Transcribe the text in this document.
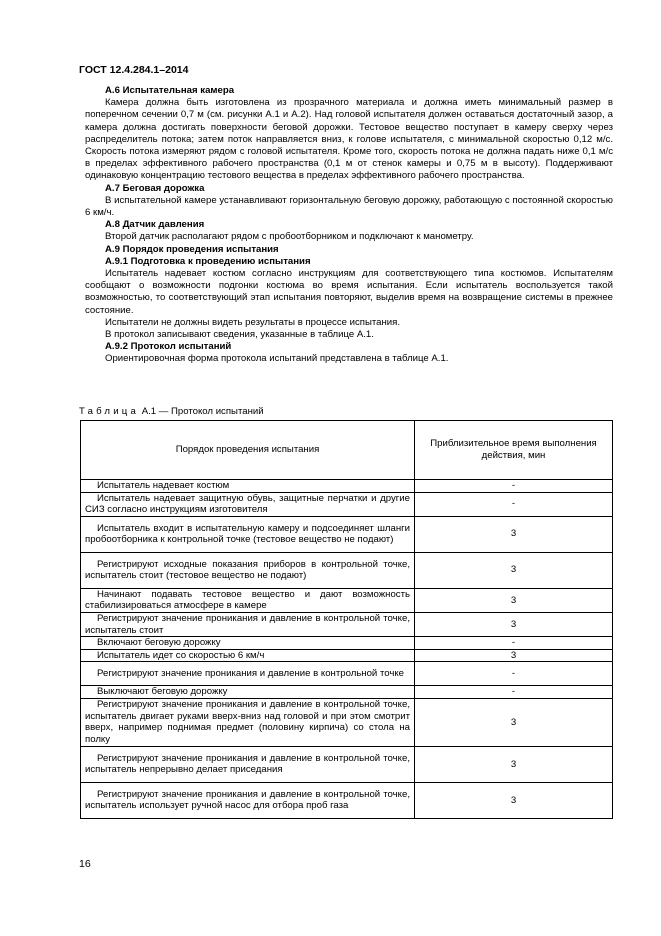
ГОСТ 12.4.284.1–2014

А.6 Испытательная камера

Камера должна быть изготовлена из прозрачного материала и должна иметь минимальный размер в поперечном сечении 0,7 м (см. рисунки А.1 и А.2). Над головой испытателя должен оставаться достаточный зазор, а камера должна достигать поверхности беговой дорожки. Тестовое вещество поступает в камеру сверху через распределитель потока; затем поток направляется вниз, к голове испытателя, с минимальной скоростью 0,12 м/с. Скорость потока измеряют рядом с головой испытателя. Кроме того, скорость потока не должна падать ниже 0,1 м/с в пределах эффективного рабочего пространства (0,1 м от стенок камеры и 0,75 м в высоту). Поддерживают одинаковую концентрацию тестового вещества в пределах эффективного рабочего пространства.

А.7 Беговая дорожка

В испытательной камере устанавливают горизонтальную беговую дорожку, работающую с постоянной скоростью 6 км/ч.

А.8 Датчик давления

Второй датчик располагают рядом с пробоотборником и подключают к манометру.

А.9 Порядок проведения испытания

А.9.1 Подготовка к проведению испытания

Испытатель надевает костюм согласно инструкциям для соответствующего типа костюмов. Испытателям сообщают о возможности подгонки костюма во время испытания. Если испытатель воспользуется такой возможностью, то соответствующий этап испытания повторяют, выделив время на возвращение системы в прежнее состояние.

Испытатели не должны видеть результаты в процессе испытания.

В протокол записывают сведения, указанные в таблице А.1.

А.9.2 Протокол испытаний

Ориентировочная форма протокола испытаний представлена в таблице А.1.

Таблица А.1 — Протокол испытаний
Порядок проведения испытания	Приблизительное время выполнения действия, мин
Испытатель надевает костюм	-
Испытатель надевает защитную обувь, защитные перчатки и другие СИЗ согласно инструкциям изготовителя	-
Испытатель входит в испытательную камеру и подсоединяет шланги пробоотборника к контрольной точке (тестовое вещество не подают)	3
Регистрируют исходные показания приборов в контрольной точке, испытатель стоит (тестовое вещество не подают)	3
Начинают подавать тестовое вещество и дают возможность стабилизироваться атмосфере в камере	3
Регистрируют значение проникания и давление в контрольной точке, испытатель стоит	3
Включают беговую дорожку	-
Испытатель идет со скоростью 6 км/ч	3
Регистрируют значение проникания и давление в контрольной точке	-
Выключают беговую дорожку	-
Регистрируют значение проникания и давление в контрольной точке, испытатель двигает руками вверх-вниз над головой и при этом смотрит вверх, например поднимая предмет (половину кирпича) со стола на полку	3
Регистрируют значение проникания и давление в контрольной точке, испытатель непрерывно делает приседания	3
Регистрируют значение проникания и давление в контрольной точке, испытатель использует ручной насос для отбора проб газа	3
16
